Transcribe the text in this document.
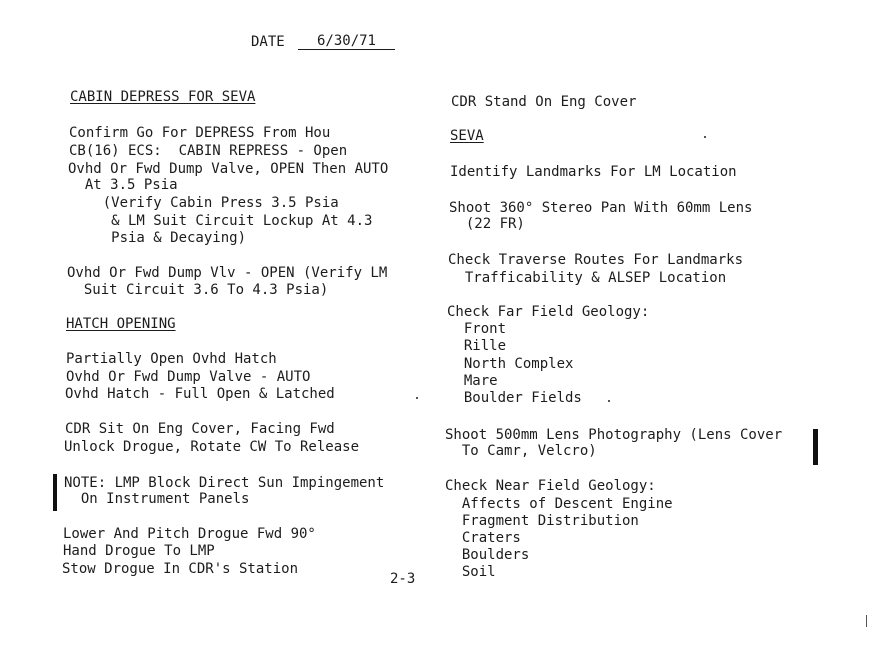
DATE	6/30/71
CABIN DEPRESS FOR SEVA
Confirm Go For DEPRESS From Hou
CB(16) ECS:  CABIN REPRESS - Open
Ovhd Or Fwd Dump Valve, OPEN Then AUTO
At 3.5 Psia
(Verify Cabin Press 3.5 Psia
& LM Suit Circuit Lockup At 4.3
Psia & Decaying)
Ovhd Or Fwd Dump Vlv - OPEN (Verify LM
Suit Circuit 3.6 To 4.3 Psia)
HATCH OPENING
Partially Open Ovhd Hatch
Ovhd Or Fwd Dump Valve - AUTO
Ovhd Hatch - Full Open & Latched
CDR Sit On Eng Cover, Facing Fwd
Unlock Drogue, Rotate CW To Release
NOTE: LMP Block Direct Sun Impingement
On Instrument Panels
Lower And Pitch Drogue Fwd 90°
Hand Drogue To LMP
Stow Drogue In CDR's Station
2-3
CDR Stand On Eng Cover
SEVA
Identify Landmarks For LM Location
Shoot 360° Stereo Pan With 60mm Lens
(22 FR)
Check Traverse Routes For Landmarks
Trafficability & ALSEP Location
Check Far Field Geology:
Front
Rille
North Complex
Mare
Boulder Fields
Shoot 500mm Lens Photography (Lens Cover
To Camr, Velcro)
Check Near Field Geology:
Affects of Descent Engine
Fragment Distribution
Craters
Boulders
Soil
